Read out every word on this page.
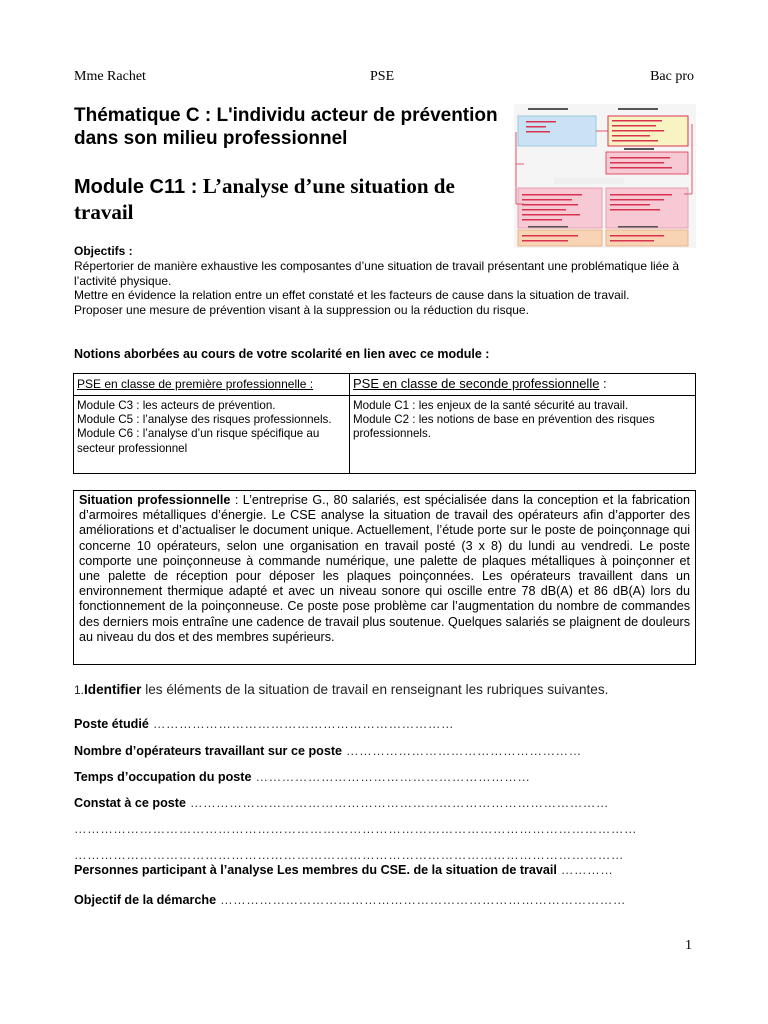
Mme Rachet	PSE	Bac pro
Thématique C : L'individu acteur de prévention dans son milieu professionnel
Module C11 : L’analyse d’une situation de travail
Objectifs :

Répertorier de manière exhaustive les composantes d’une situation de travail présentant une problématique liée à l’activité physique.

Mettre en évidence la relation entre un effet constaté et les facteurs de cause dans la situation de travail.

Proposer une mesure de prévention visant à la suppression ou la réduction du risque.

Notions aborbées au cours de votre scolarité en lien avec ce module :
PSE en classe de première professionnelle :
Module C3 : les acteurs de prévention.
Module C5 : l’analyse des risques professionnels.
Module C6 : l’analyse d’un risque spécifique au secteur professionnel
PSE en classe de seconde professionnelle :
Module C1 : les enjeux de la santé sécurité au travail.
Module C2 : les notions de base en prévention des risques professionnels.
Situation professionnelle : L’entreprise G., 80 salariés, est spécialisée dans la conception et la fabrication d’armoires métalliques d’énergie. Le CSE analyse la situation de travail des opérateurs afin d’apporter des améliorations et d’actualiser le document unique. Actuellement, l’étude porte sur le poste de poinçonnage qui concerne 10 opérateurs, selon une organisation en travail posté (3 x 8) du lundi au vendredi. Le poste comporte une poinçonneuse à commande numérique, une palette de plaques métalliques à poinçonner et une palette de réception pour déposer les plaques poinçonnées. Les opérateurs travaillent dans un environnement thermique adapté et avec un niveau sonore qui oscille entre 78 dB(A) et 86 dB(A) lors du fonctionnement de la poinçonneuse. Ce poste pose problème car l’augmentation du nombre de commandes des derniers mois entraîne une cadence de travail plus soutenue. Quelques salariés se plaignent de douleurs au niveau du dos et des membres supérieurs.
1.Identifier les éléments de la situation de travail en renseignant les rubriques suivantes.
Poste étudié ……………………………………………………………
Nombre d’opérateurs travaillant sur ce poste ………………………………………………
Temps d’occupation du poste ………………………………………………………
Constat à ce poste ……………………………………………………………………………………
…………………………………………………………………………………………………………………
………………………………………………………………………………………………………………
Personnes participant à l’analyse Les membres du CSE. de la situation de travail …………
Objectif de la démarche …………………………………………………………………………………
1
